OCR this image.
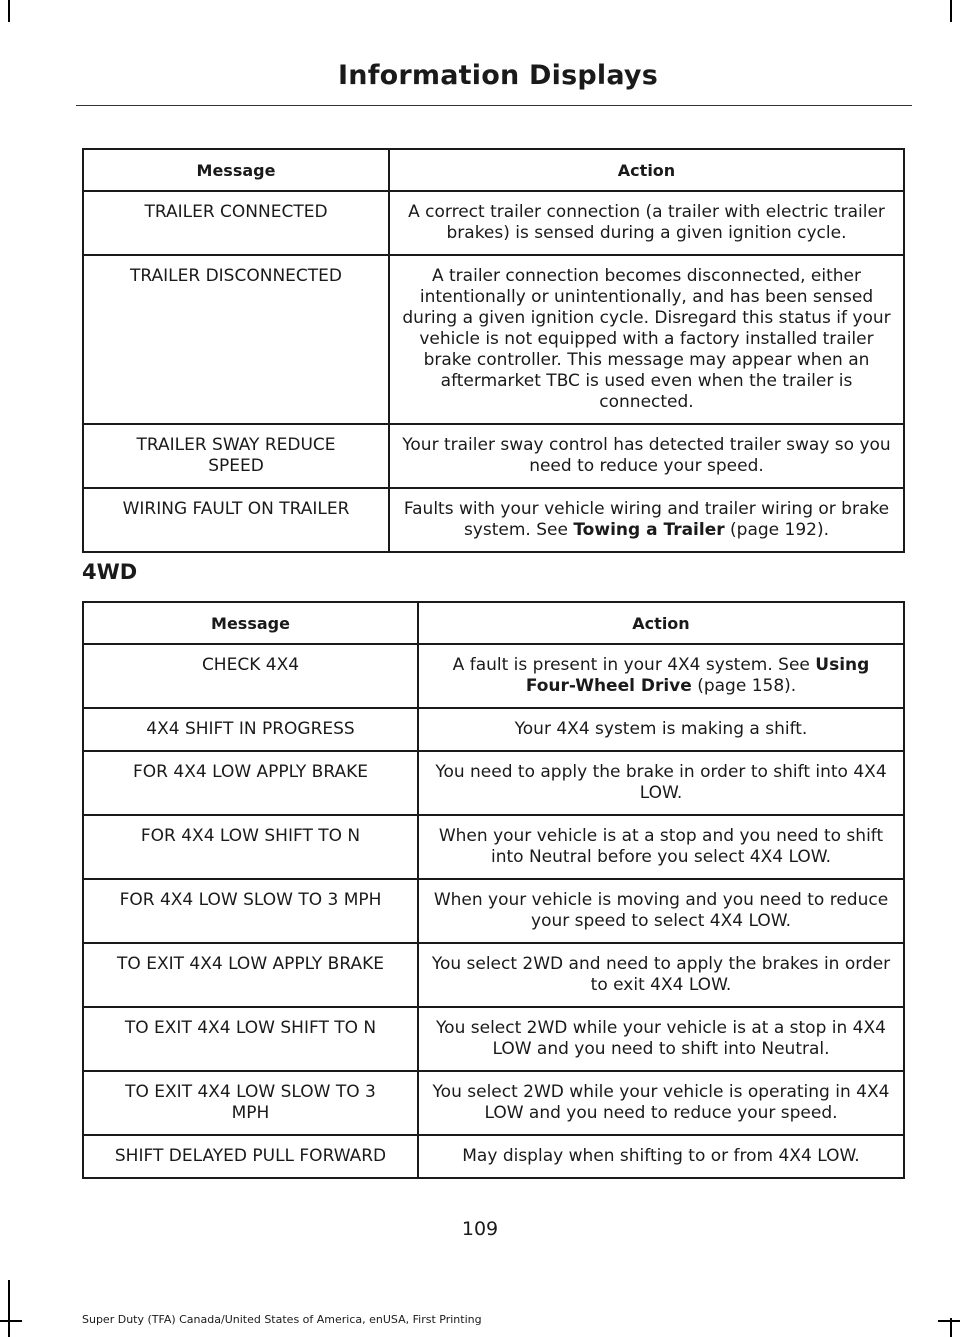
Information Displays
Message	Action
TRAILER CONNECTED	A correct trailer connection (a trailer with electric trailer brakes) is sensed during a given ignition cycle.
TRAILER DISCONNECTED	A trailer connection becomes disconnected, either intentionally or unintentionally, and has been sensed during a given ignition cycle. Disregard this status if your vehicle is not equipped with a factory installed trailer brake controller. This message may appear when an aftermarket TBC is used even when the trailer is connected.
TRAILER SWAY REDUCE SPEED	Your trailer sway control has detected trailer sway so you need to reduce your speed.
WIRING FAULT ON TRAILER	Faults with your vehicle wiring and trailer wiring or brake system. See Towing a Trailer (page 192).
4WD
Message	Action
CHECK 4X4	A fault is present in your 4X4 system. See Using Four-Wheel Drive (page 158).
4X4 SHIFT IN PROGRESS	Your 4X4 system is making a shift.
FOR 4X4 LOW APPLY BRAKE	You need to apply the brake in order to shift into 4X4 LOW.
FOR 4X4 LOW SHIFT TO N	When your vehicle is at a stop and you need to shift into Neutral before you select 4X4 LOW.
FOR 4X4 LOW SLOW TO 3 MPH	When your vehicle is moving and you need to reduce your speed to select 4X4 LOW.
TO EXIT 4X4 LOW APPLY BRAKE	You select 2WD and need to apply the brakes in order to exit 4X4 LOW.
TO EXIT 4X4 LOW SHIFT TO N	You select 2WD while your vehicle is at a stop in 4X4 LOW and you need to shift into Neutral.
TO EXIT 4X4 LOW SLOW TO 3 MPH	You select 2WD while your vehicle is operating in 4X4 LOW and you need to reduce your speed.
SHIFT DELAYED PULL FORWARD	May display when shifting to or from 4X4 LOW.
109
Super Duty (TFA) Canada/United States of America, enUSA, First Printing
